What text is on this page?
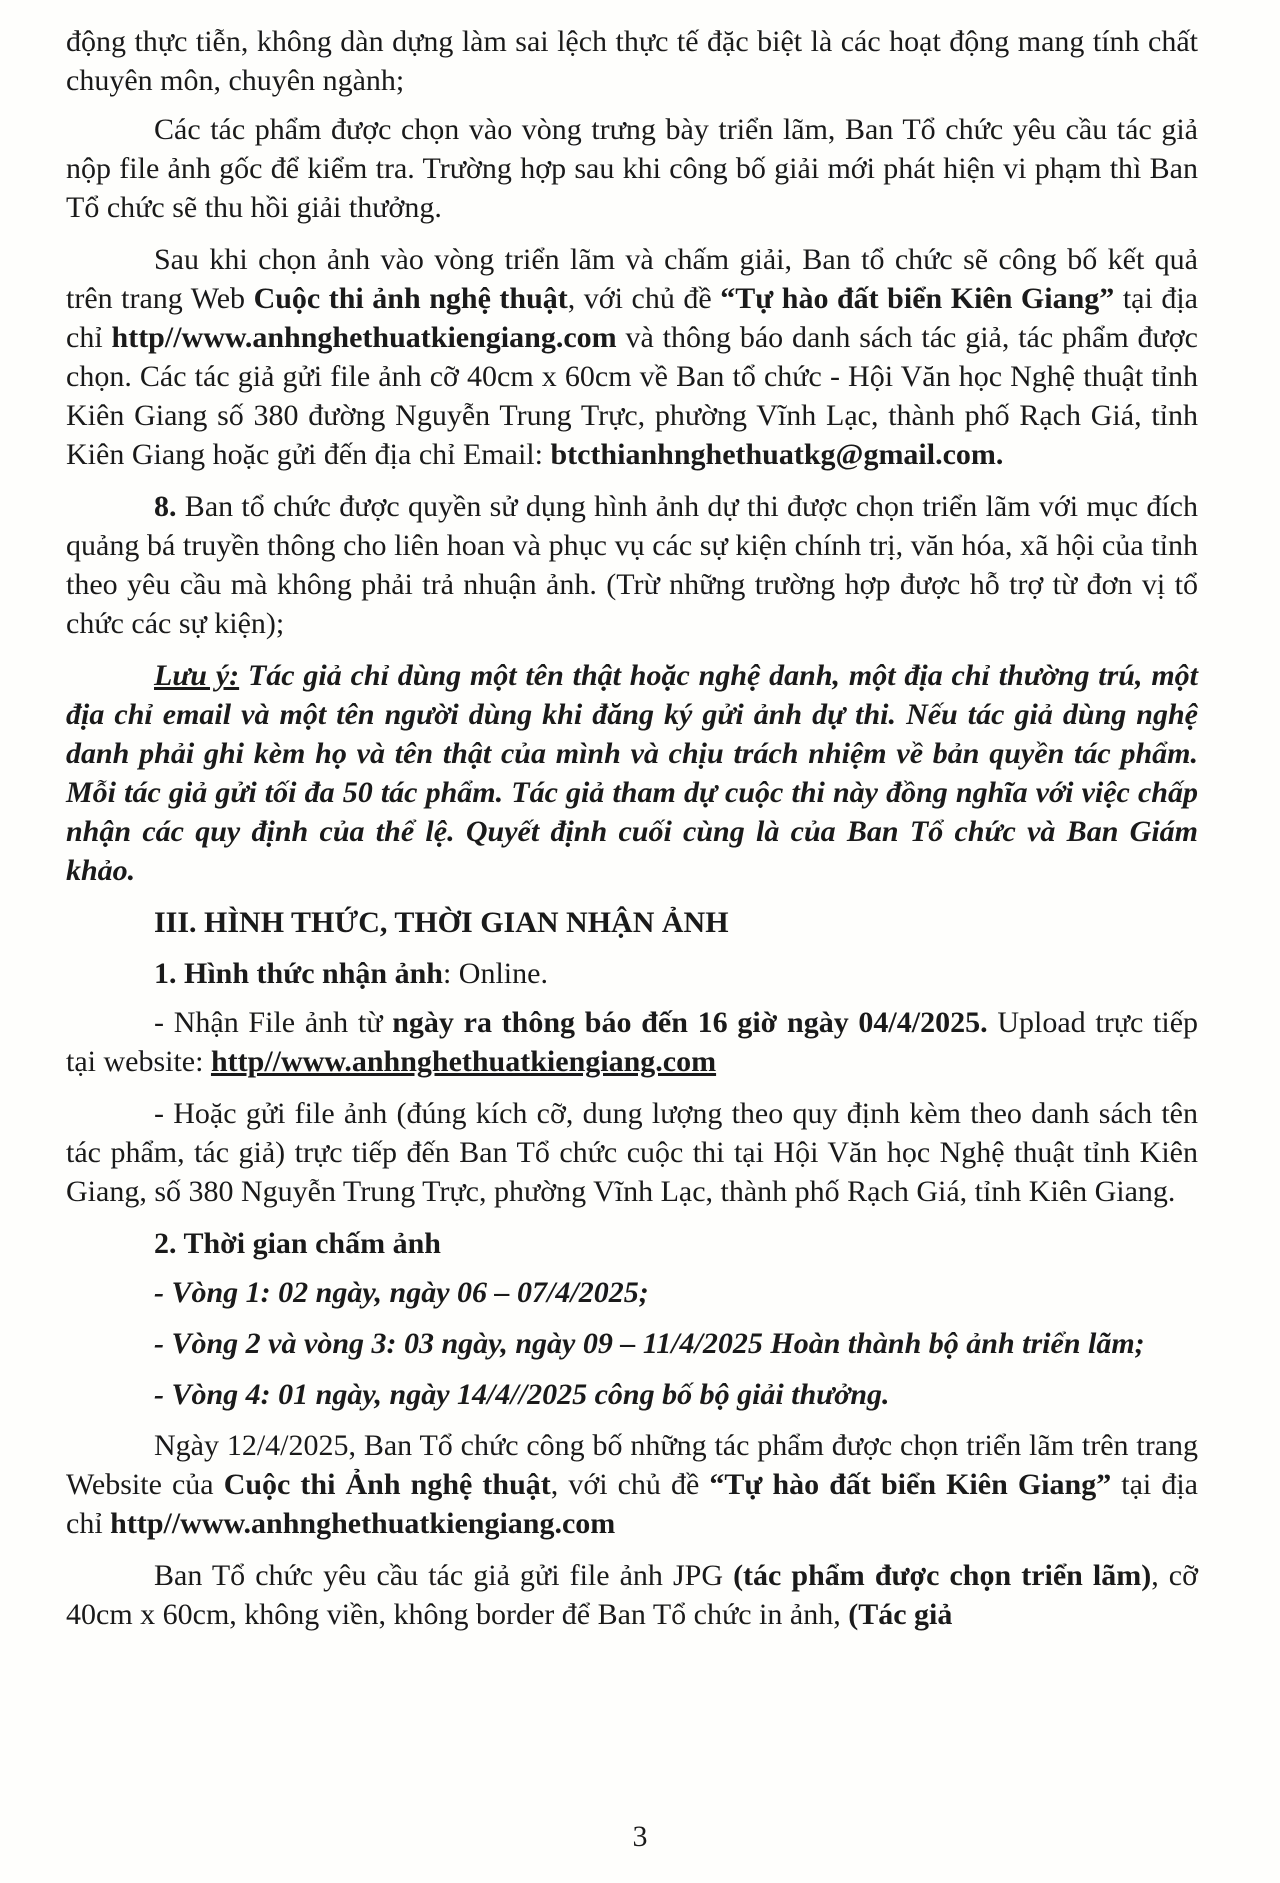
động thực tiễn, không dàn dựng làm sai lệch thực tế đặc biệt là các hoạt động mang tính chất chuyên môn, chuyên ngành;

Các tác phẩm được chọn vào vòng trưng bày triển lãm, Ban Tổ chức yêu cầu tác giả nộp file ảnh gốc để kiểm tra. Trường hợp sau khi công bố giải mới phát hiện vi phạm thì Ban Tổ chức sẽ thu hồi giải thưởng.

Sau khi chọn ảnh vào vòng triển lãm và chấm giải, Ban tổ chức sẽ công bố kết quả trên trang Web Cuộc thi ảnh nghệ thuật, với chủ đề “Tự hào đất biển Kiên Giang” tại địa chỉ http//www.anhnghethuatkiengiang.com và thông báo danh sách tác giả, tác phẩm được chọn. Các tác giả gửi file ảnh cỡ 40cm x 60cm về Ban tổ chức - Hội Văn học Nghệ thuật tỉnh Kiên Giang số 380 đường Nguyễn Trung Trực, phường Vĩnh Lạc, thành phố Rạch Giá, tỉnh Kiên Giang hoặc gửi đến địa chỉ Email: btcthianhnghethuatkg@gmail.com.

8. Ban tổ chức được quyền sử dụng hình ảnh dự thi được chọn triển lãm với mục đích quảng bá truyền thông cho liên hoan và phục vụ các sự kiện chính trị, văn hóa, xã hội của tỉnh theo yêu cầu mà không phải trả nhuận ảnh. (Trừ những trường hợp được hỗ trợ từ đơn vị tổ chức các sự kiện);

Lưu ý: Tác giả chỉ dùng một tên thật hoặc nghệ danh, một địa chỉ thường trú, một địa chỉ email và một tên người dùng khi đăng ký gửi ảnh dự thi. Nếu tác giả dùng nghệ danh phải ghi kèm họ và tên thật của mình và chịu trách nhiệm về bản quyền tác phẩm. Mỗi tác giả gửi tối đa 50 tác phẩm. Tác giả tham dự cuộc thi này đồng nghĩa với việc chấp nhận các quy định của thể lệ. Quyết định cuối cùng là của Ban Tổ chức và Ban Giám khảo.

III. HÌNH THỨC, THỜI GIAN NHẬN ẢNH

1. Hình thức nhận ảnh: Online.

- Nhận File ảnh từ ngày ra thông báo đến 16 giờ ngày 04/4/2025. Upload trực tiếp tại website: http//www.anhnghethuatkiengiang.com

- Hoặc gửi file ảnh (đúng kích cỡ, dung lượng theo quy định kèm theo danh sách tên tác phẩm, tác giả) trực tiếp đến Ban Tổ chức cuộc thi tại Hội Văn học Nghệ thuật tỉnh Kiên Giang, số 380 Nguyễn Trung Trực, phường Vĩnh Lạc, thành phố Rạch Giá, tỉnh Kiên Giang.

2. Thời gian chấm ảnh

- Vòng 1: 02 ngày, ngày 06 – 07/4/2025;
- Vòng 2 và vòng 3: 03 ngày, ngày 09 – 11/4/2025 Hoàn thành bộ ảnh triển lãm;
- Vòng 4: 01 ngày, ngày 14/4//2025 công bố bộ giải thưởng.

Ngày 12/4/2025, Ban Tổ chức công bố những tác phẩm được chọn triển lãm trên trang Website của Cuộc thi Ảnh nghệ thuật, với chủ đề “Tự hào đất biển Kiên Giang” tại địa chỉ http//www.anhnghethuatkiengiang.com

Ban Tổ chức yêu cầu tác giả gửi file ảnh JPG (tác phẩm được chọn triển lãm), cỡ 40cm x 60cm, không viền, không border để Ban Tổ chức in ảnh, (Tác giả

3
